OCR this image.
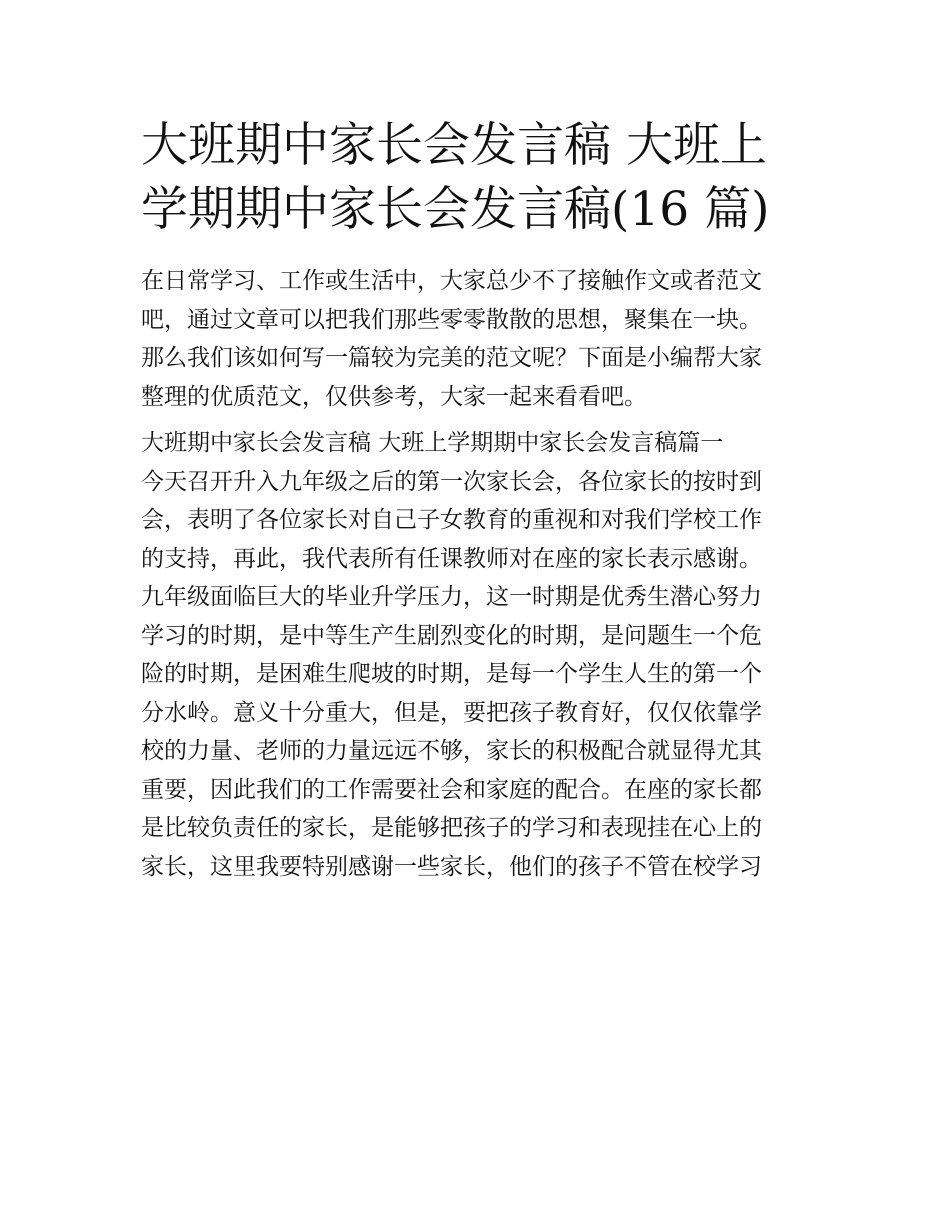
大班期中家长会发言稿 大班上
学期期中家长会发言稿(16 篇)

在日常学习、工作或生活中，大家总少不了接触作文或者范文
吧，通过文章可以把我们那些零零散散的思想，聚集在一块。
那么我们该如何写一篇较为完美的范文呢？下面是小编帮大家
整理的优质范文，仅供参考，大家一起来看看吧。

大班期中家长会发言稿 大班上学期期中家长会发言稿篇一

今天召开升入九年级之后的第一次家长会，各位家长的按时到
会，表明了各位家长对自己子女教育的重视和对我们学校工作
的支持，再此，我代表所有任课教师对在座的家长表示感谢。

九年级面临巨大的毕业升学压力，这一时期是优秀生潜心努力
学习的时期，是中等生产生剧烈变化的时期，是问题生一个危
险的时期，是困难生爬坡的时期，是每一个学生人生的第一个
分水岭。意义十分重大，但是，要把孩子教育好，仅仅依靠学
校的力量、老师的力量远远不够，家长的积极配合就显得尤其
重要，因此我们的工作需要社会和家庭的配合。在座的家长都
是比较负责任的家长，是能够把孩子的学习和表现挂在心上的
家长，这里我要特别感谢一些家长，他们的孩子不管在校学习
